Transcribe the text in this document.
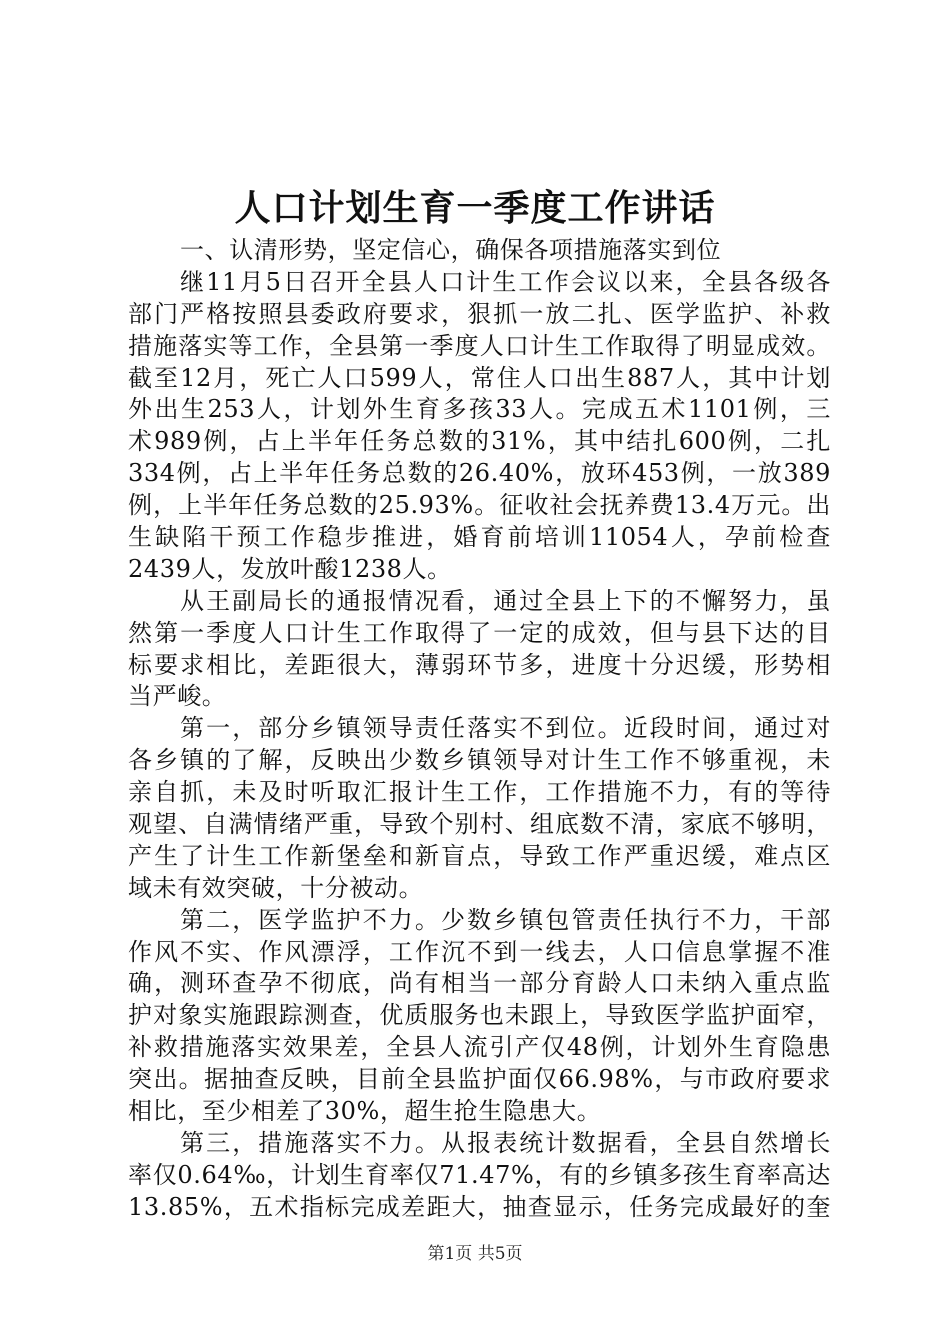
人口计划生育一季度工作讲话
一、认清形势，坚定信心，确保各项措施落实到位
继11月5日召开全县人口计生工作会议以来，全县各级各
部门严格按照县委政府要求，狠抓一放二扎、医学监护、补救
措施落实等工作，全县第一季度人口计生工作取得了明显成效。
截至12月，死亡人口599人，常住人口出生887人，其中计划
外出生253人，计划外生育多孩33人。完成五术1101例，三
术989例，占上半年任务总数的31%，其中结扎600例，二扎
334例，占上半年任务总数的26.40%，放环453例，一放389
例，上半年任务总数的25.93%。征收社会抚养费13.4万元。出
生缺陷干预工作稳步推进，婚育前培训11054人，孕前检查
2439人，发放叶酸1238人。
从王副局长的通报情况看，通过全县上下的不懈努力，虽
然第一季度人口计生工作取得了一定的成效，但与县下达的目
标要求相比，差距很大，薄弱环节多，进度十分迟缓，形势相
当严峻。
第一，部分乡镇领导责任落实不到位。近段时间，通过对
各乡镇的了解，反映出少数乡镇领导对计生工作不够重视，未
亲自抓，未及时听取汇报计生工作，工作措施不力，有的等待
观望、自满情绪严重，导致个别村、组底数不清，家底不够明，
产生了计生工作新堡垒和新盲点，导致工作严重迟缓，难点区
域未有效突破，十分被动。
第二，医学监护不力。少数乡镇包管责任执行不力，干部
作风不实、作风漂浮，工作沉不到一线去，人口信息掌握不准
确，测环查孕不彻底，尚有相当一部分育龄人口未纳入重点监
护对象实施跟踪测查，优质服务也未跟上，导致医学监护面窄，
补救措施落实效果差，全县人流引产仅48例，计划外生育隐患
突出。据抽查反映，目前全县监护面仅66.98%，与市政府要求
相比，至少相差了30%，超生抢生隐患大。
第三，措施落实不力。从报表统计数据看，全县自然增长
率仅0.64‰，计划生育率仅71.47%，有的乡镇多孩生育率高达
13.85%，五术指标完成差距大，抽查显示，任务完成最好的奎
第1页 共5页
